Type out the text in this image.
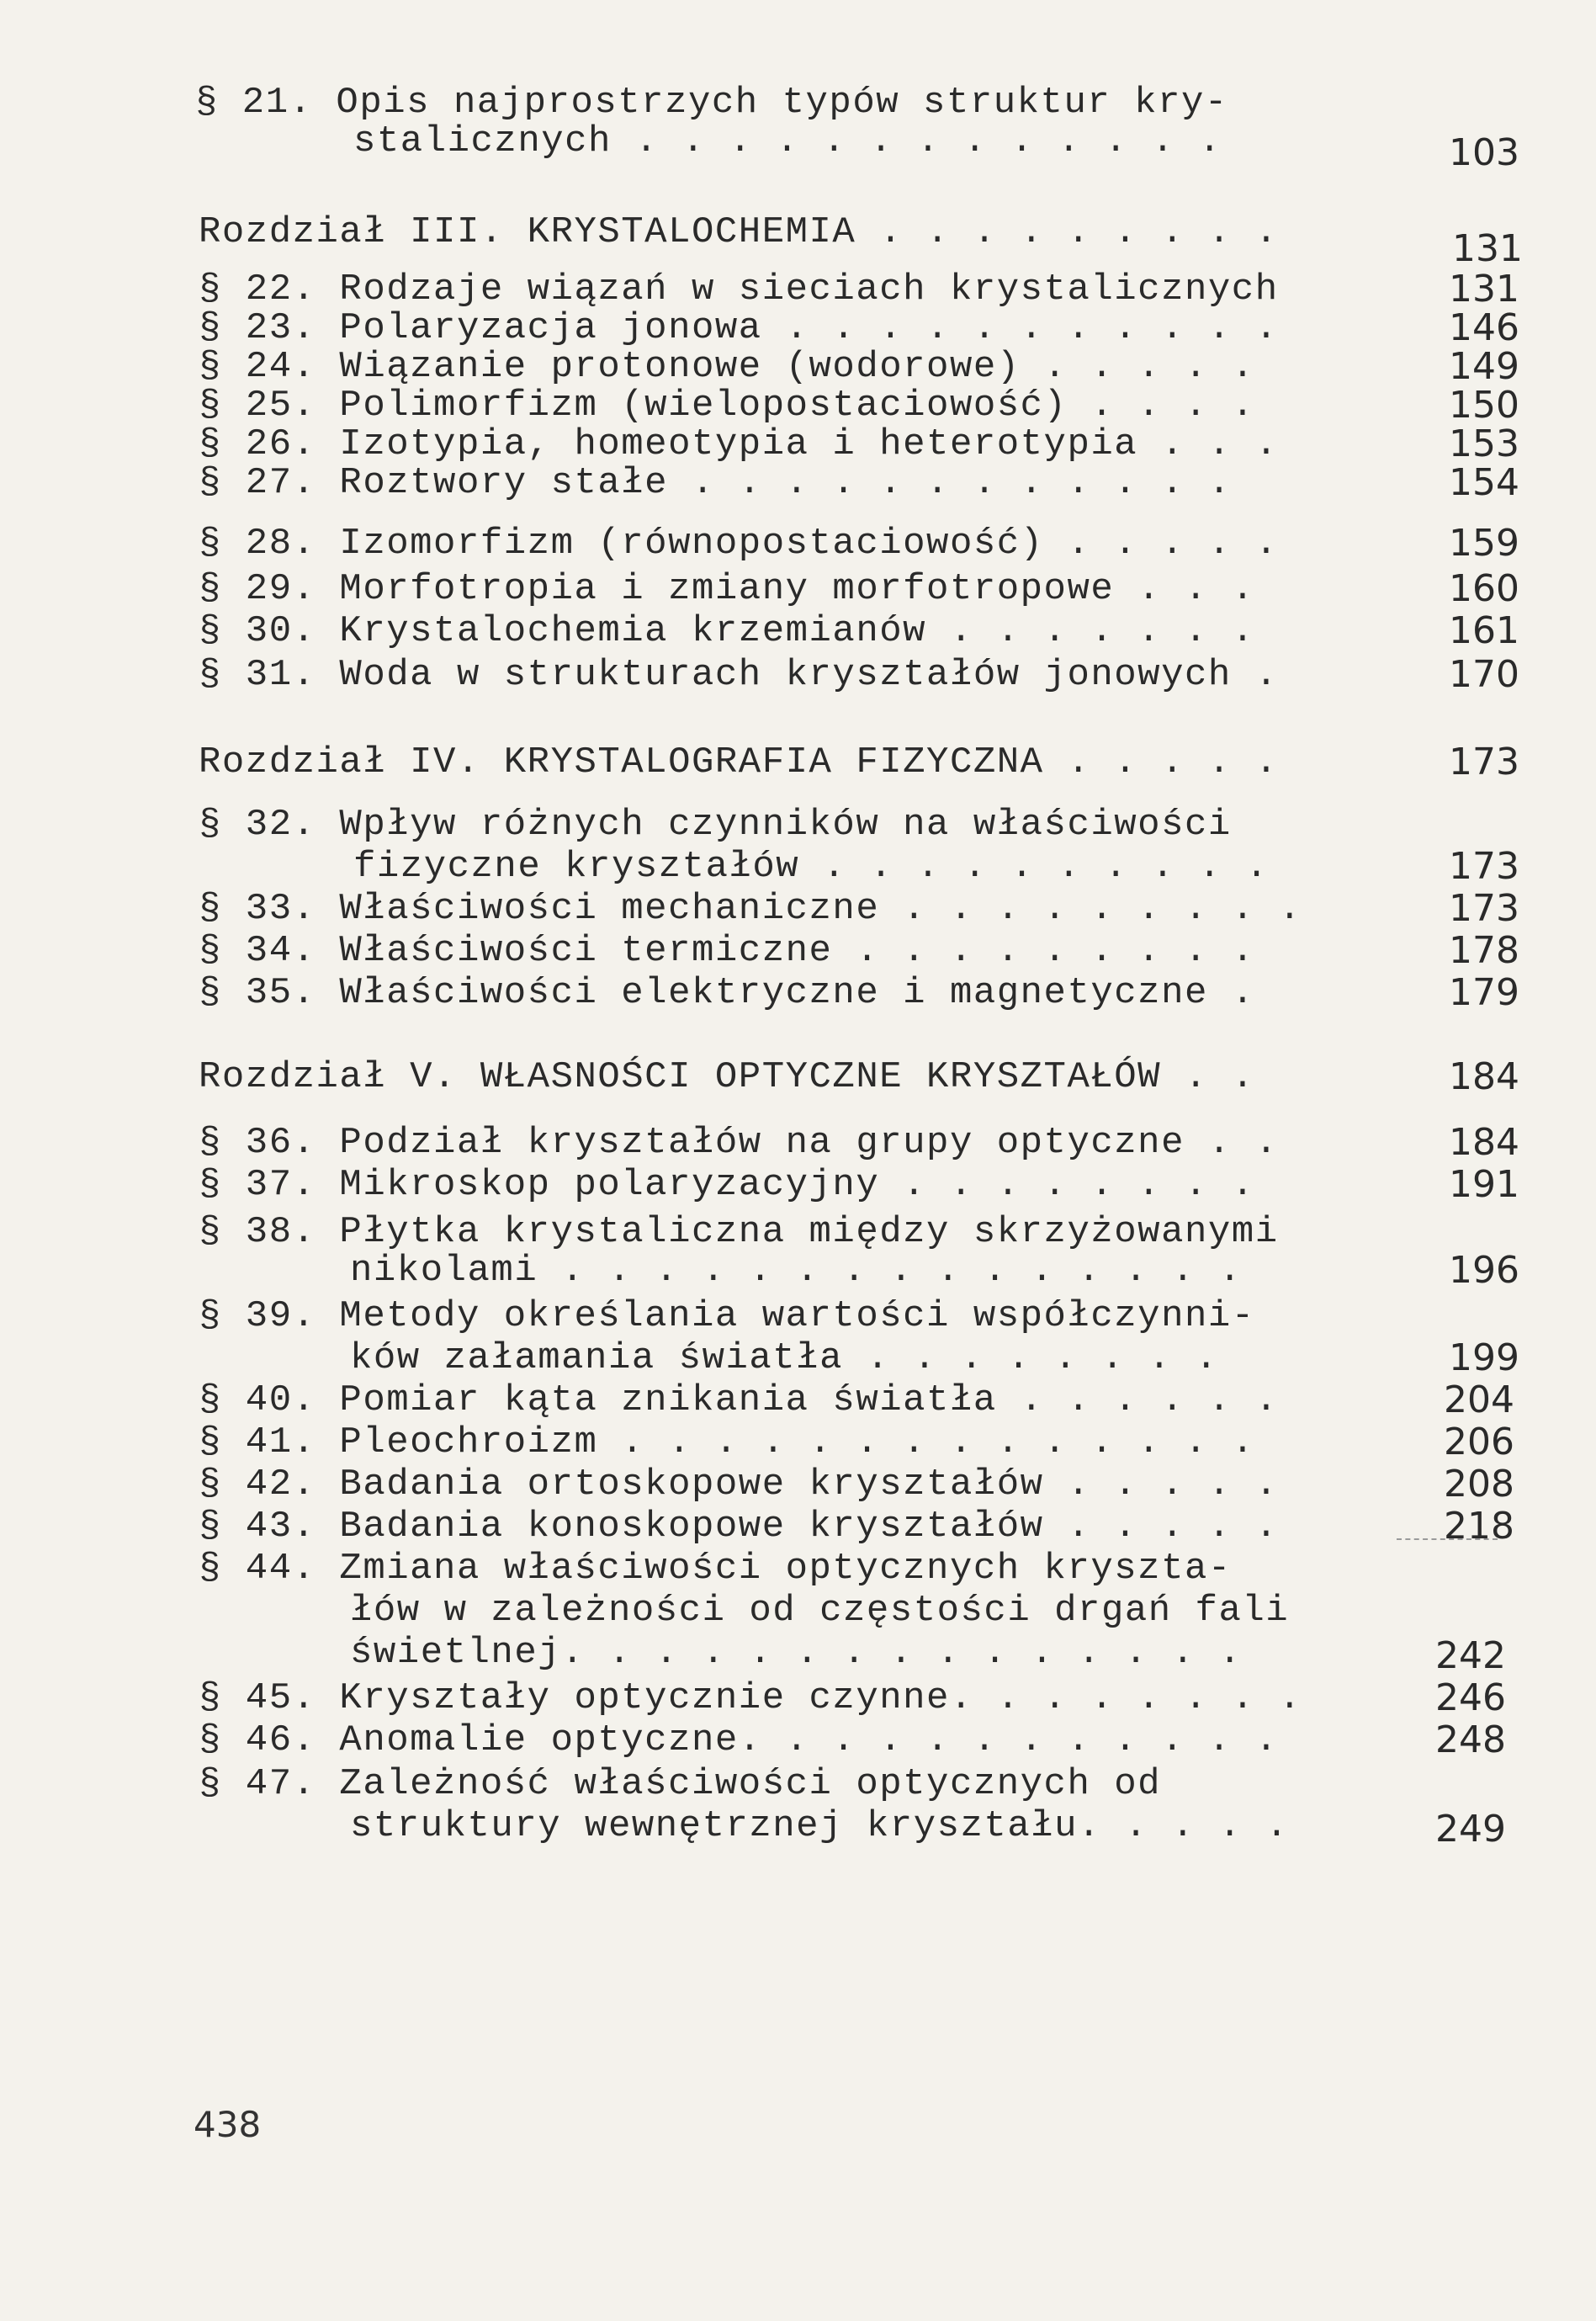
§ 21. Opis najprostrzych typów struktur kry-
stalicznych . . . . . . . . . . . . .	103
Rozdział III. KRYSTALOCHEMIA . . . . . . . . .	131
§ 22. Rodzaje wiązań w sieciach krystalicznych	131
§ 23. Polaryzacja jonowa . . . . . . . . . . .	146
§ 24. Wiązanie protonowe (wodorowe) . . . . .	149
§ 25. Polimorfizm (wielopostaciowość) . . . .	150
§ 26. Izotypia, homeotypia i heterotypia . . .	153
§ 27. Roztwory stałe . . . . . . . . . . . .	154
§ 28. Izomorfizm (równopostaciowość) . . . . .	159
§ 29. Morfotropia i zmiany morfotropowe . . .	160
§ 30. Krystalochemia krzemianów . . . . . . .	161
§ 31. Woda w strukturach kryształów jonowych .	170
Rozdział IV. KRYSTALOGRAFIA FIZYCZNA . . . . .	173
§ 32. Wpływ różnych czynników na właściwości
fizyczne kryształów . . . . . . . . . .	173
§ 33. Właściwości mechaniczne . . . . . . . . .	173
§ 34. Właściwości termiczne . . . . . . . . .	178
§ 35. Właściwości elektryczne i magnetyczne .	179
Rozdział V. WŁASNOŚCI OPTYCZNE KRYSZTAŁÓW . .	184
§ 36. Podział kryształów na grupy optyczne . .	184
§ 37. Mikroskop polaryzacyjny . . . . . . . .	191
§ 38. Płytka krystaliczna między skrzyżowanymi
nikolami . . . . . . . . . . . . . . .	196
§ 39. Metody określania wartości współczynni-
ków załamania światła . . . . . . . .	199
§ 40. Pomiar kąta znikania światła . . . . . .	204
§ 41. Pleochroizm . . . . . . . . . . . . . .	206
§ 42. Badania ortoskopowe kryształów . . . . .	208
§ 43. Badania konoskopowe kryształów . . . . .	218
§ 44. Zmiana właściwości optycznych kryszta-
łów w zależności od częstości drgań fali
świetlnej. . . . . . . . . . . . . . .	242
§ 45. Kryształy optycznie czynne. . . . . . . .	246
§ 46. Anomalie optyczne. . . . . . . . . . . .	248
§ 47. Zależność właściwości optycznych od
struktury wewnętrznej kryształu. . . . .	249
438
